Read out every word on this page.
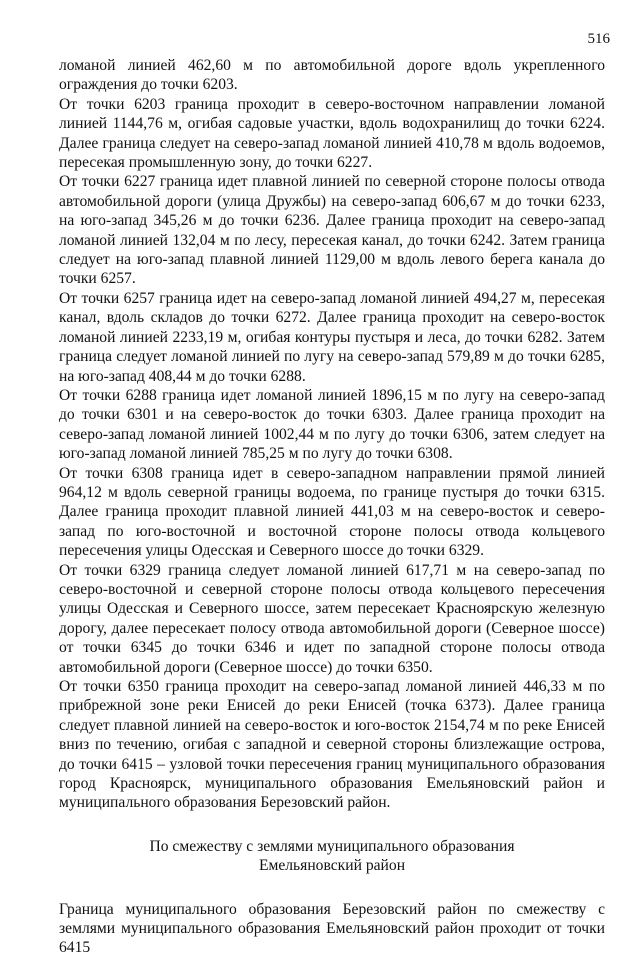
516

ломаной линией 462,60 м по автомобильной дороге вдоль укрепленного ограждения до точки 6203.

От точки 6203 граница проходит в северо-восточном направлении ломаной линией 1144,76 м, огибая садовые участки, вдоль водохранилищ до точки 6224. Далее граница следует на северо-запад ломаной линией 410,78 м вдоль водоемов, пересекая промышленную зону, до точки 6227.

От точки 6227 граница идет плавной линией по северной стороне полосы отвода автомобильной дороги (улица Дружбы) на северо-запад 606,67 м до точки 6233, на юго-запад 345,26 м до точки 6236. Далее граница проходит на северо-запад ломаной линией 132,04 м по лесу, пересекая канал, до точки 6242. Затем граница следует на юго-запад плавной линией 1129,00 м вдоль левого берега канала до точки 6257.

От точки 6257 граница идет на северо-запад ломаной линией 494,27 м, пересекая канал, вдоль складов до точки 6272. Далее граница проходит на северо-восток ломаной линией 2233,19 м, огибая контуры пустыря и леса, до точки 6282. Затем граница следует ломаной линией по лугу на северо-запад 579,89 м до точки 6285, на юго-запад 408,44 м до точки 6288.

От точки 6288 граница идет ломаной линией 1896,15 м по лугу на северо-запад до точки 6301 и на северо-восток до точки 6303. Далее граница проходит на северо-запад ломаной линией 1002,44 м по лугу до точки 6306, затем следует на юго-запад ломаной линией 785,25 м по лугу до точки 6308.

От точки 6308 граница идет в северо-западном направлении прямой линией 964,12 м вдоль северной границы водоема, по границе пустыря до точки 6315. Далее граница проходит плавной линией 441,03 м на северо-восток и северо-запад по юго-восточной и восточной стороне полосы отвода кольцевого пересечения улицы Одесская и Северного шоссе до точки 6329.

От точки 6329 граница следует ломаной линией 617,71 м на северо-запад по северо-восточной и северной стороне полосы отвода кольцевого пересечения улицы Одесская и Северного шоссе, затем пересекает Красноярскую железную дорогу, далее пересекает полосу отвода автомобильной дороги (Северное шоссе) от точки 6345 до точки 6346 и идет по западной стороне полосы отвода автомобильной дороги (Северное шоссе) до точки 6350.

От точки 6350 граница проходит на северо-запад ломаной линией 446,33 м по прибрежной зоне реки Енисей до реки Енисей (точка 6373). Далее граница следует плавной линией на северо-восток и юго-восток 2154,74 м по реке Енисей вниз по течению, огибая с западной и северной стороны близлежащие острова, до точки 6415 – узловой точки пересечения границ муниципального образования город Красноярск, муниципального образования Емельяновский район и муниципального образования Березовский район.

По смежеству с землями муниципального образования
Емельяновский район

Граница муниципального образования Березовский район по смежеству с землями муниципального образования Емельяновский район проходит от точки 6415
